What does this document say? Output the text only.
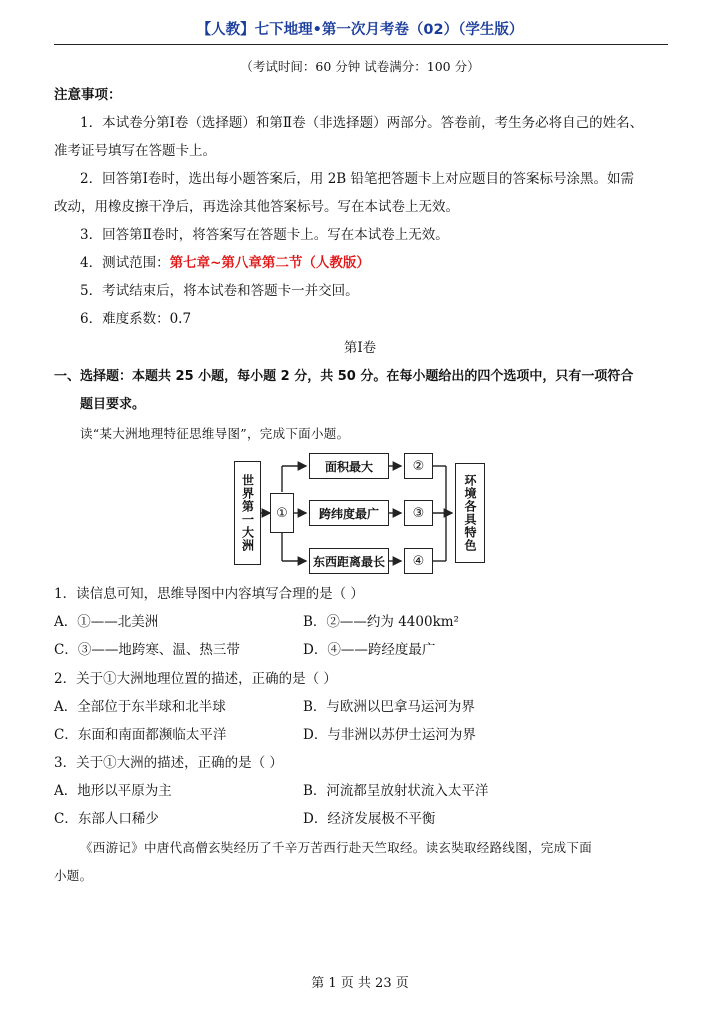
【人教】七下地理•第一次月考卷（02）（学生版）
（考试时间：60 分钟 试卷满分：100 分）
注意事项：
1．本试卷分第Ⅰ卷（选择题）和第Ⅱ卷（非选择题）两部分。答卷前，考生务必将自己的姓名、
准考证号填写在答题卡上。
2．回答第Ⅰ卷时，选出每小题答案后，用 2B 铅笔把答题卡上对应题目的答案标号涂黑。如需
改动，用橡皮擦干净后，再选涂其他答案标号。写在本试卷上无效。
3．回答第Ⅱ卷时，将答案写在答题卡上。写在本试卷上无效。
4．测试范围：第七章~第八章第二节（人教版）
5．考试结束后，将本试卷和答题卡一并交回。
6．难度系数：0.7
第Ⅰ卷
一、选择题：本题共 25 小题，每小题 2 分，共 50 分。在每小题给出的四个选项中，只有一项符合
题目要求。
读“某大洲地理特征思维导图”，完成下面小题。
世界第一大洲 ①
面积最大
跨纬度最广
东西距离最长
②
③
④
环境各具特色
1．读信息可知，思维导图中内容填写合理的是（ ）
A．①——北美洲	B．②——约为 4400km²
C．③——地跨寒、温、热三带	D．④——跨经度最广
2．关于①大洲地理位置的描述，正确的是（ ）
A．全部位于东半球和北半球	B．与欧洲以巴拿马运河为界
C．东面和南面都濒临太平洋	D．与非洲以苏伊士运河为界
3．关于①大洲的描述，正确的是（ ）
A．地形以平原为主	B．河流都呈放射状流入太平洋
C．东部人口稀少	D．经济发展极不平衡
《西游记》中唐代高僧玄奘经历了千辛万苦西行赴天竺取经。读玄奘取经路线图，完成下面
小题。
第 1 页 共 23 页
